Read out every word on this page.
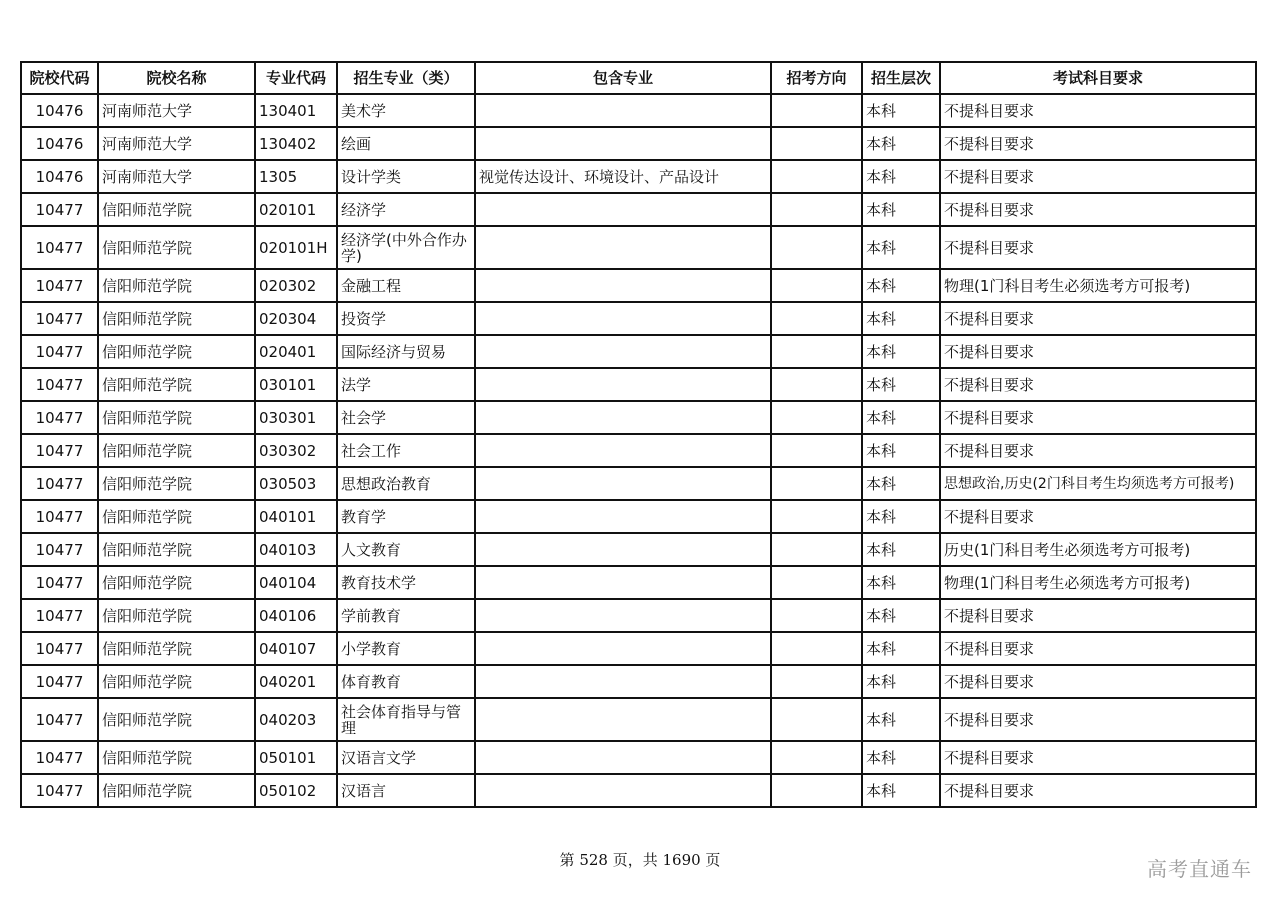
院校代码	院校名称	专业代码	招生专业（类）	包含专业	招考方向	招生层次	考试科目要求
10476	河南师范大学	130401	美术学			本科	不提科目要求
10476	河南师范大学	130402	绘画			本科	不提科目要求
10476	河南师范大学	1305	设计学类	视觉传达设计、环境设计、产品设计		本科	不提科目要求
10477	信阳师范学院	020101	经济学			本科	不提科目要求
10477	信阳师范学院	020101H	经济学(中外合作办学)			本科	不提科目要求
10477	信阳师范学院	020302	金融工程			本科	物理(1门科目考生必须选考方可报考)
10477	信阳师范学院	020304	投资学			本科	不提科目要求
10477	信阳师范学院	020401	国际经济与贸易			本科	不提科目要求
10477	信阳师范学院	030101	法学			本科	不提科目要求
10477	信阳师范学院	030301	社会学			本科	不提科目要求
10477	信阳师范学院	030302	社会工作			本科	不提科目要求
10477	信阳师范学院	030503	思想政治教育			本科	思想政治,历史(2门科目考生均须选考方可报考)
10477	信阳师范学院	040101	教育学			本科	不提科目要求
10477	信阳师范学院	040103	人文教育			本科	历史(1门科目考生必须选考方可报考)
10477	信阳师范学院	040104	教育技术学			本科	物理(1门科目考生必须选考方可报考)
10477	信阳师范学院	040106	学前教育			本科	不提科目要求
10477	信阳师范学院	040107	小学教育			本科	不提科目要求
10477	信阳师范学院	040201	体育教育			本科	不提科目要求
10477	信阳师范学院	040203	社会体育指导与管理			本科	不提科目要求
10477	信阳师范学院	050101	汉语言文学			本科	不提科目要求
10477	信阳师范学院	050102	汉语言			本科	不提科目要求
第 528 页，共 1690 页	高考直通车
